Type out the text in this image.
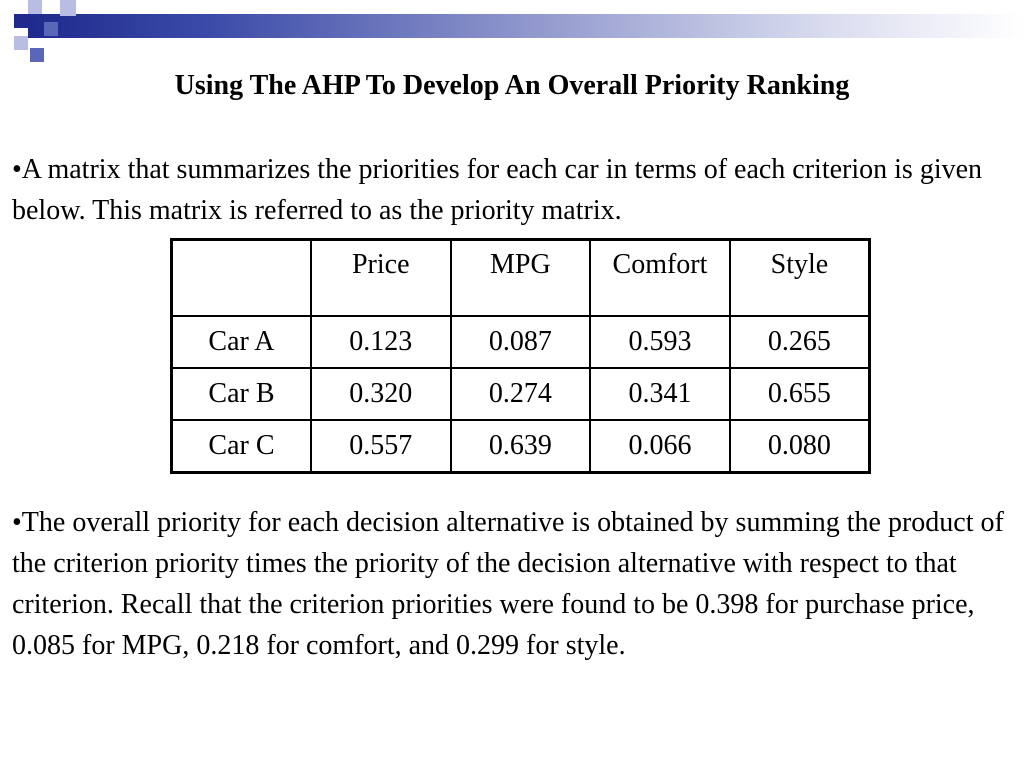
Using The AHP To Develop An Overall Priority Ranking
•A matrix that summarizes the priorities for each car in terms of each criterion is given below. This matrix is referred to as the priority matrix.
	Price	MPG	Comfort	Style
Car A	0.123	0.087	0.593	0.265
Car B	0.320	0.274	0.341	0.655
Car C	0.557	0.639	0.066	0.080
•The overall priority for each decision alternative is obtained by summing the product of the criterion priority times the priority of the decision alternative with respect to that criterion. Recall that the criterion priorities were found to be 0.398 for purchase price, 0.085 for MPG, 0.218 for comfort, and 0.299 for style.
